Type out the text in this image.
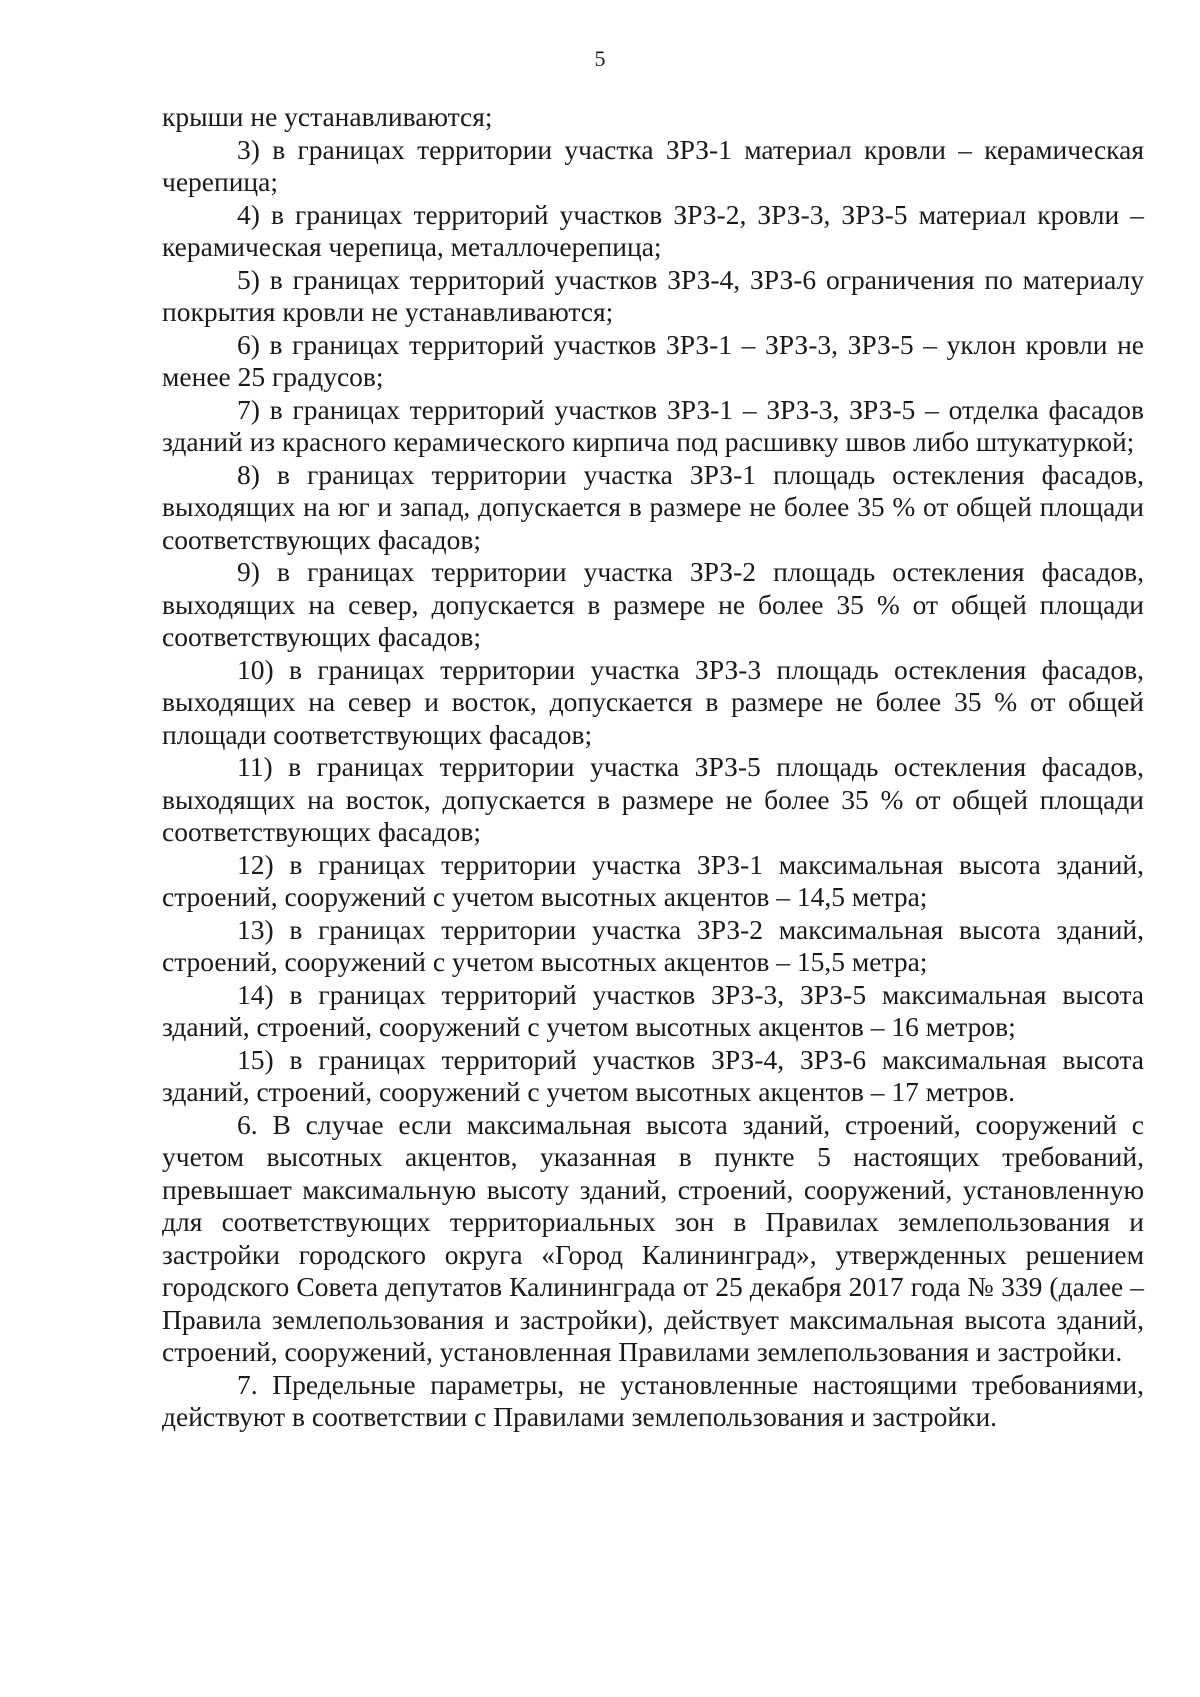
5

крыши не устанавливаются;

3) в границах территории участка ЗРЗ-1 материал кровли – керамическая черепица;

4) в границах территорий участков ЗРЗ-2, ЗРЗ-3, ЗРЗ-5 материал кровли – керамическая черепица, металлочерепица;

5) в границах территорий участков ЗРЗ-4, ЗРЗ-6 ограничения по материалу покрытия кровли не устанавливаются;

6) в границах территорий участков ЗРЗ-1 – ЗРЗ-3, ЗРЗ-5 – уклон кровли не менее 25 градусов;

7) в границах территорий участков ЗРЗ-1 – ЗРЗ-3, ЗРЗ-5 – отделка фасадов зданий из красного керамического кирпича под расшивку швов либо штукатуркой;

8) в границах территории участка ЗРЗ-1 площадь остекления фасадов, выходящих на юг и запад, допускается в размере не более 35 % от общей площади соответствующих фасадов;

9) в границах территории участка ЗРЗ-2 площадь остекления фасадов, выходящих на север, допускается в размере не более 35 % от общей площади соответствующих фасадов;

10) в границах территории участка ЗРЗ-3 площадь остекления фасадов, выходящих на север и восток, допускается в размере не более 35 % от общей площади соответствующих фасадов;

11) в границах территории участка ЗРЗ-5 площадь остекления фасадов, выходящих на восток, допускается в размере не более 35 % от общей площади соответствующих фасадов;

12) в границах территории участка ЗРЗ-1 максимальная высота зданий, строений, сооружений с учетом высотных акцентов – 14,5 метра;

13) в границах территории участка ЗРЗ-2 максимальная высота зданий, строений, сооружений с учетом высотных акцентов – 15,5 метра;

14) в границах территорий участков ЗРЗ-3, ЗРЗ-5 максимальная высота зданий, строений, сооружений с учетом высотных акцентов – 16 метров;

15) в границах территорий участков ЗРЗ-4, ЗРЗ-6 максимальная высота зданий, строений, сооружений с учетом высотных акцентов – 17 метров.

6. В случае если максимальная высота зданий, строений, сооружений с учетом высотных акцентов, указанная в пункте 5 настоящих требований, превышает максимальную высоту зданий, строений, сооружений, установленную для соответствующих территориальных зон в Правилах землепользования и застройки городского округа «Город Калининград», утвержденных решением городского Совета депутатов Калининграда от 25 декабря 2017 года № 339 (далее – Правила землепользования и застройки), действует максимальная высота зданий, строений, сооружений, установленная Правилами землепользования и застройки.

7. Предельные параметры, не установленные настоящими требованиями, действуют в соответствии с Правилами землепользования и застройки.
